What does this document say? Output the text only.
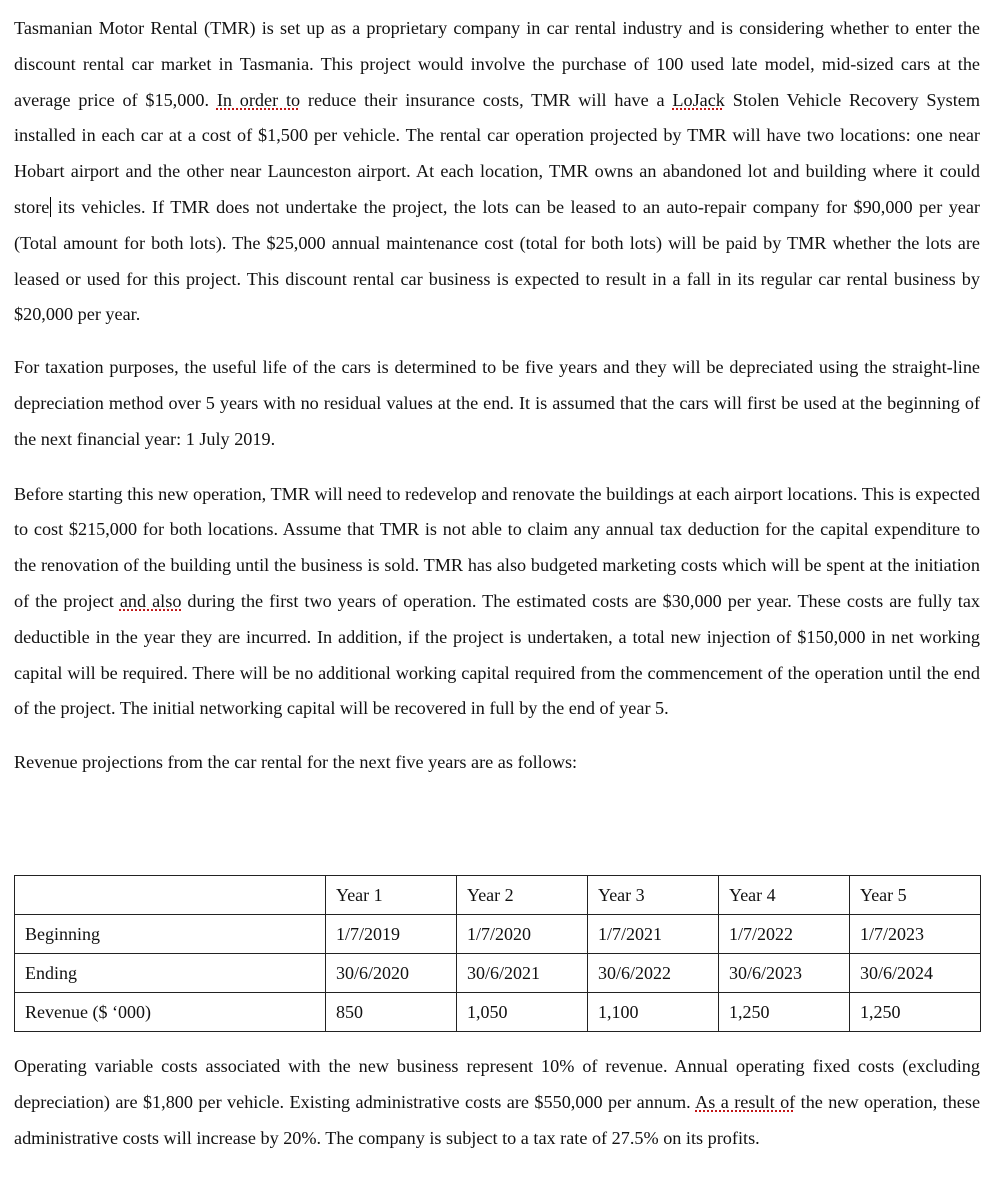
Tasmanian Motor Rental (TMR) is set up as a proprietary company in car rental industry and is considering whether to enter the discount rental car market in Tasmania. This project would involve the purchase of 100 used late model, mid-sized cars at the average price of $15,000. In order to reduce their insurance costs, TMR will have a LoJack Stolen Vehicle Recovery System installed in each car at a cost of $1,500 per vehicle. The rental car operation projected by TMR will have two locations: one near Hobart airport and the other near Launceston airport. At each location, TMR owns an abandoned lot and building where it could store its vehicles. If TMR does not undertake the project, the lots can be leased to an auto-repair company for $90,000 per year (Total amount for both lots). The $25,000 annual maintenance cost (total for both lots) will be paid by TMR whether the lots are leased or used for this project. This discount rental car business is expected to result in a fall in its regular car rental business by $20,000 per year.

For taxation purposes, the useful life of the cars is determined to be five years and they will be depreciated using the straight-line depreciation method over 5 years with no residual values at the end. It is assumed that the cars will first be used at the beginning of the next financial year: 1 July 2019.

Before starting this new operation, TMR will need to redevelop and renovate the buildings at each airport locations. This is expected to cost $215,000 for both locations. Assume that TMR is not able to claim any annual tax deduction for the capital expenditure to the renovation of the building until the business is sold. TMR has also budgeted marketing costs which will be spent at the initiation of the project and also during the first two years of operation. The estimated costs are $30,000 per year. These costs are fully tax deductible in the year they are incurred. In addition, if the project is undertaken, a total new injection of $150,000 in net working capital will be required. There will be no additional working capital required from the commencement of the operation until the end of the project. The initial networking capital will be recovered in full by the end of year 5.

Revenue projections from the car rental for the next five years are as follows:

	Year 1	Year 2	Year 3	Year 4	Year 5
Beginning	1/7/2019	1/7/2020	1/7/2021	1/7/2022	1/7/2023
Ending	30/6/2020	30/6/2021	30/6/2022	30/6/2023	30/6/2024
Revenue ($ ‘000)	850	1,050	1,100	1,250	1,250

Operating variable costs associated with the new business represent 10% of revenue. Annual operating fixed costs (excluding depreciation) are $1,800 per vehicle. Existing administrative costs are $550,000 per annum. As a result of the new operation, these administrative costs will increase by 20%. The company is subject to a tax rate of 27.5% on its profits.
